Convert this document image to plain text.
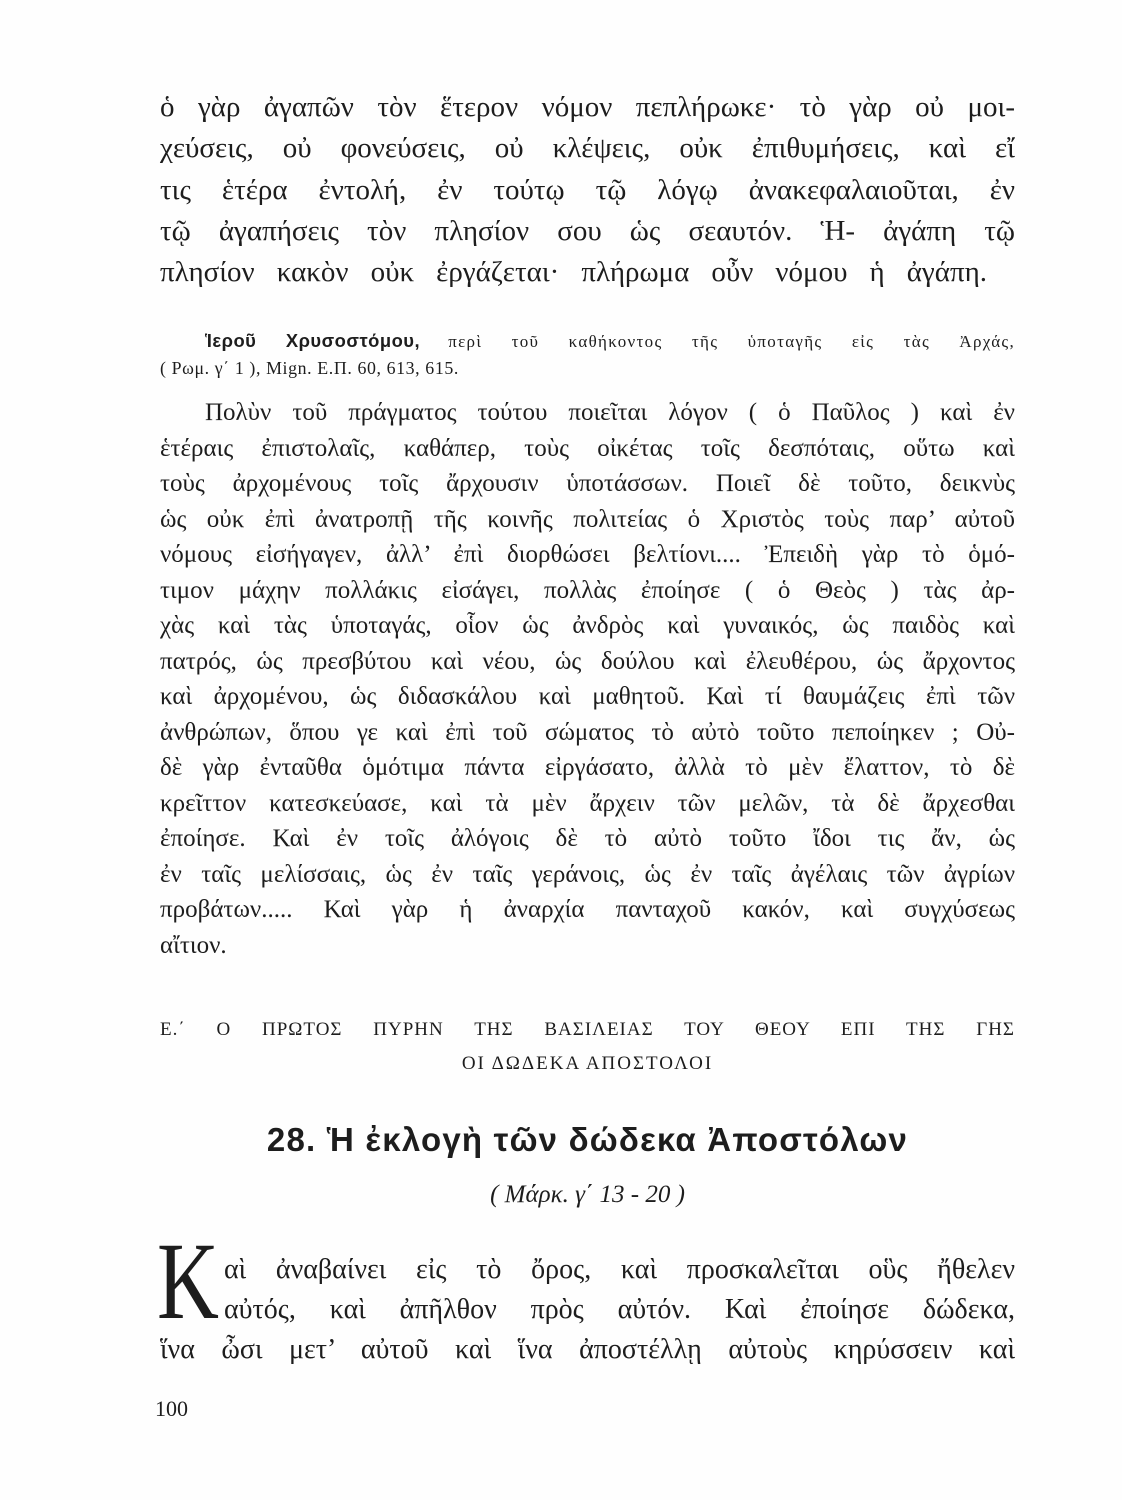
ὁ γὰρ ἀγαπῶν τὸν ἕτερον νόμον πεπλήρωκε· τὸ γὰρ οὐ μοι-
χεύσεις, οὐ φονεύσεις, οὐ κλέψεις, οὐκ ἐπιθυμήσεις, καὶ εἴ
τις ἑτέρα ἐντολή, ἐν τούτῳ τῷ λόγῳ ἀνακεφαλαιοῦται, ἐν
τῷ ἀγαπήσεις τὸν πλησίον σου ὡς σεαυτόν. Ἡ- ἀγάπη τῷ
πλησίον κακὸν οὐκ ἐργάζεται· πλήρωμα οὖν νόμου ἡ ἀγάπη.
Ἱεροῦ Χρυσοστόμου, περὶ τοῦ καθήκοντος τῆς ὑποταγῆς εἰς τὰς Ἀρχάς,
( Ρωμ. γ΄ 1 ), Mign. Ε.Π. 60, 613, 615.
Πολὺν τοῦ πράγματος τούτου ποιεῖται λόγον ( ὁ Παῦλος ) καὶ ἐν
ἑτέραις ἐπιστολαῖς, καθάπερ, τοὺς οἰκέτας τοῖς δεσπόταις, οὕτω καὶ
τοὺς ἀρχομένους τοῖς ἄρχουσιν ὑποτάσσων. Ποιεῖ δὲ τοῦτο, δεικνὺς
ὡς οὐκ ἐπὶ ἀνατροπῇ τῆς κοινῆς πολιτείας ὁ Χριστὸς τοὺς παρ’ αὐτοῦ
νόμους εἰσήγαγεν, ἀλλ’ ἐπὶ διορθώσει βελτίονι.... Ἐπειδὴ γὰρ τὸ ὁμό-
τιμον μάχην πολλάκις εἰσάγει, πολλὰς ἐποίησε ( ὁ Θεὸς ) τὰς ἀρ-
χὰς καὶ τὰς ὑποταγάς, οἷον ὡς ἀνδρὸς καὶ γυναικός, ὡς παιδὸς καὶ
πατρός, ὡς πρεσβύτου καὶ νέου, ὡς δούλου καὶ ἐλευθέρου, ὡς ἄρχοντος
καὶ ἀρχομένου, ὡς διδασκάλου καὶ μαθητοῦ. Καὶ τί θαυμάζεις ἐπὶ τῶν
ἀνθρώπων, ὅπου γε καὶ ἐπὶ τοῦ σώματος τὸ αὐτὸ τοῦτο πεποίηκεν ; Οὐ-
δὲ γὰρ ἐνταῦθα ὁμότιμα πάντα εἰργάσατο, ἀλλὰ τὸ μὲν ἔλαττον, τὸ δὲ
κρεῖττον κατεσκεύασε, καὶ τὰ μὲν ἄρχειν τῶν μελῶν, τὰ δὲ ἄρχεσθαι
ἐποίησε. Καὶ ἐν τοῖς ἀλόγοις δὲ τὸ αὐτὸ τοῦτο ἴδοι τις ἄν, ὡς
ἐν ταῖς μελίσσαις, ὡς ἐν ταῖς γεράνοις, ὡς ἐν ταῖς ἀγέλαις τῶν ἀγρίων
προβάτων..... Καὶ γὰρ ἡ ἀναρχία πανταχοῦ κακόν, καὶ συγχύσεως
αἴτιον.
Ε.΄ Ο ΠΡΩΤΟΣ ΠΥΡΗΝ ΤΗΣ ΒΑΣΙΛΕΙΑΣ ΤΟΥ ΘΕΟΥ ΕΠΙ ΤΗΣ ΓΗΣ
ΟΙ ΔΩΔΕΚΑ ΑΠΟΣΤΟΛΟΙ
28. Ἡ ἐκλογὴ τῶν δώδεκα Ἀποστόλων
( Μάρκ. γ΄ 13 - 20 )
Κ αὶ ἀναβαίνει εἰς τὸ ὄρος, καὶ προσκαλεῖται οὓς ἤθελεν
αὐτός, καὶ ἀπῆλθον πρὸς αὐτόν. Καὶ ἐποίησε δώδεκα,
ἵνα ὦσι μετ’ αὐτοῦ καὶ ἵνα ἀποστέλλῃ αὐτοὺς κηρύσσειν καὶ
100
